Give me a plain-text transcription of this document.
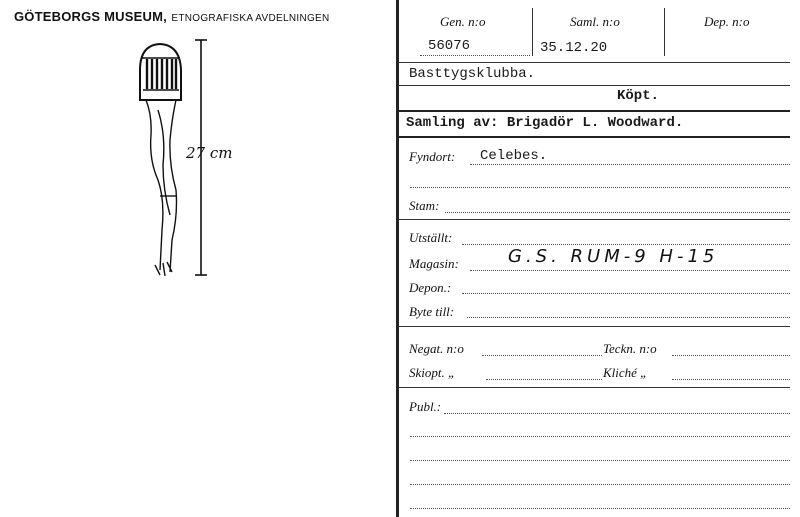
GÖTEBORGS MUSEUM, ETNOGRAFISKA AVDELNINGEN
27 cm
Gen. n:o	Saml. n:o	Dep. n:o
56076	35.12.20
Basttygsklubba.
Köpt.
Samling av: Brigadör L. Woodward.
Fyndort: Celebes.
Stam:
Utställt:
Magasin:	G.S. RUM-9 H-15
Depon.:
Byte till:
Negat. n:o	Teckn. n:o
Skiopt. „	Kliché „
Publ.:
